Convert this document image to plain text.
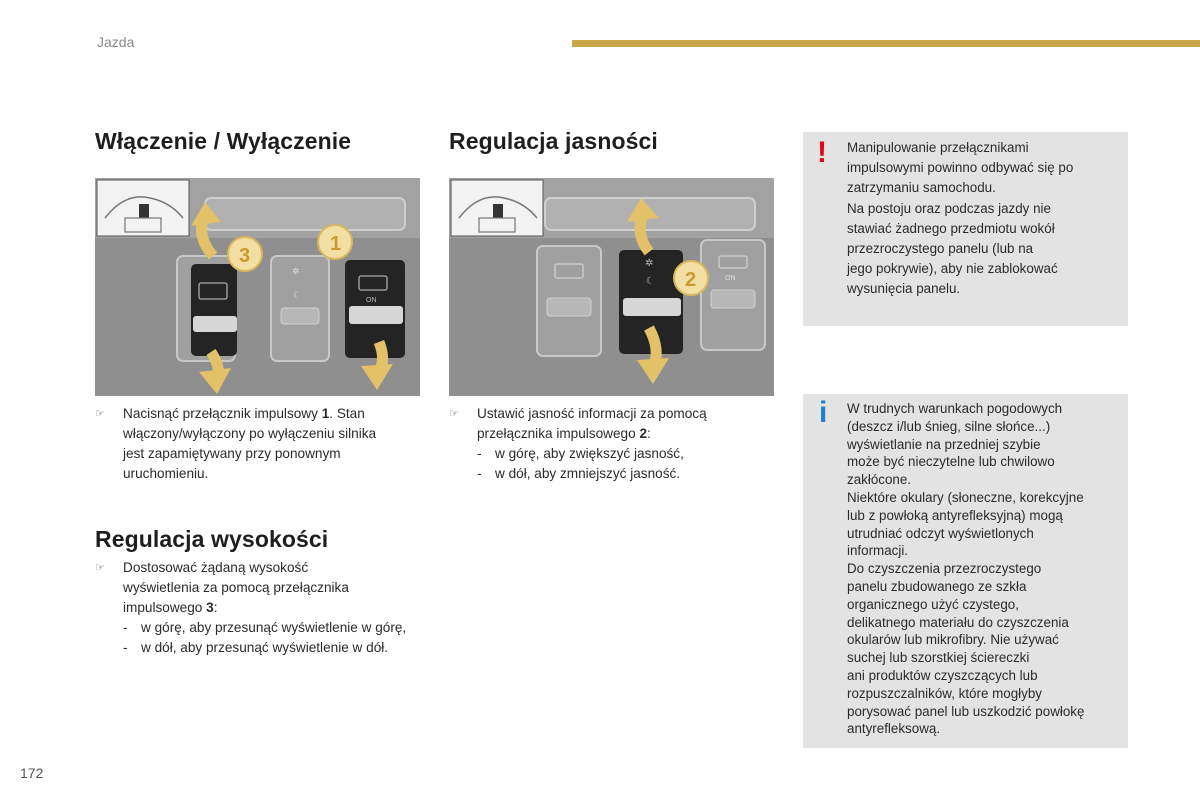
Jazda
Włączenie / Wyłączenie
✲
☾
ON
3
1
☞ Nacisnąć przełącznik impulsowy 1. Stan
włączony/wyłączony po wyłączeniu silnika
jest zapamiętywany przy ponownym
uruchomieniu.
Regulacja jasności
ON
✲
☾ 2
☞ Ustawić jasność informacji za pomocą
przełącznika impulsowego 2:
- w górę, aby zwiększyć jasność,
- w dół, aby zmniejszyć jasność.
Regulacja wysokości
☞ Dostosować żądaną wysokość
wyświetlenia za pomocą przełącznika
impulsowego 3:
- w górę, aby przesunąć wyświetlenie w górę,
- w dół, aby przesunąć wyświetlenie w dół.
! Manipulowanie przełącznikami
impulsowymi powinno odbywać się po
zatrzymaniu samochodu.
Na postoju oraz podczas jazdy nie
stawiać żadnego przedmiotu wokół
przezroczystego panelu (lub na
jego pokrywie), aby nie zablokować
wysunięcia panelu.
i W trudnych warunkach pogodowych
(deszcz i/lub śnieg, silne słońce...)
wyświetlanie na przedniej szybie
może być nieczytelne lub chwilowo
zakłócone.
Niektóre okulary (słoneczne, korekcyjne
lub z powłoką antyrefleksyjną) mogą
utrudniać odczyt wyświetlonych
informacji.
Do czyszczenia przezroczystego
panelu zbudowanego ze szkła
organicznego użyć czystego,
delikatnego materiału do czyszczenia
okularów lub mikrofibry. Nie używać
suchej lub szorstkiej ściereczki
ani produktów czyszczących lub
rozpuszczalników, które mogłyby
porysować panel lub uszkodzić powłokę
antyrefleksową.
172
